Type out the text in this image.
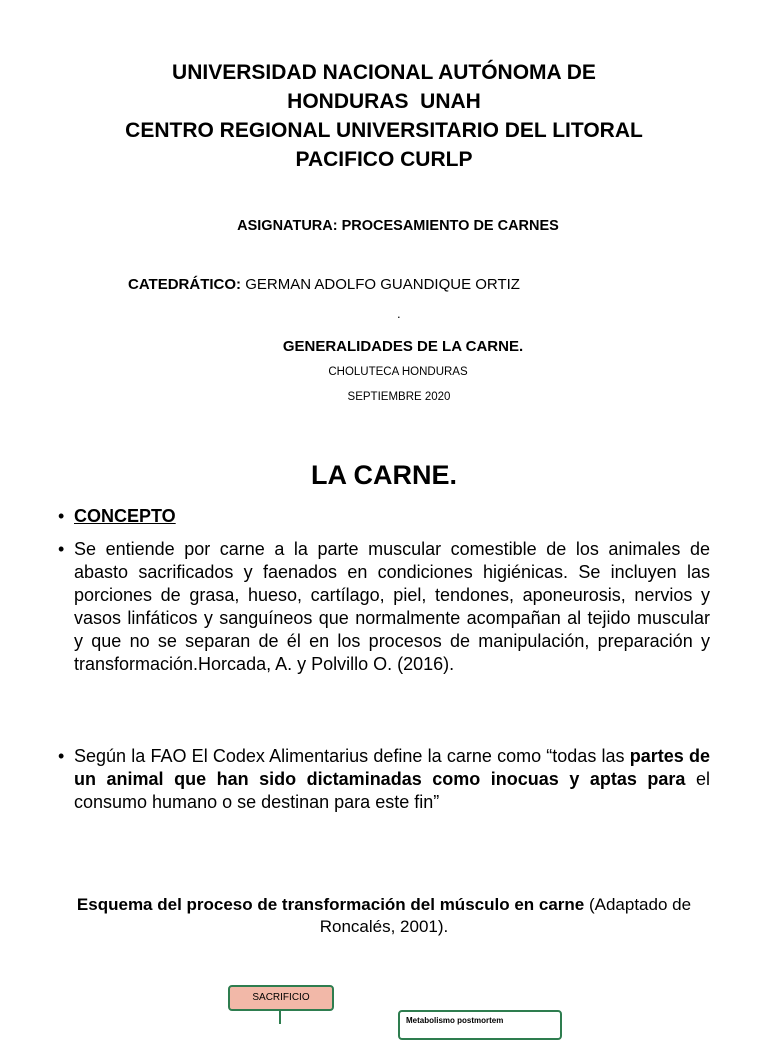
UNIVERSIDAD NACIONAL AUTÓNOMA DE
HONDURAS  UNAH
CENTRO REGIONAL UNIVERSITARIO DEL LITORAL
PACIFICO CURLP
ASIGNATURA: PROCESAMIENTO DE CARNES
CATEDRÁTICO: GERMAN ADOLFO GUANDIQUE ORTIZ
.
GENERALIDADES DE LA CARNE.
CHOLUTECA HONDURAS
SEPTIEMBRE 2020
LA CARNE.
• CONCEPTO
• Se entiende por carne a la parte muscular comestible de los animales de abasto sacrificados y faenados en condiciones higiénicas. Se incluyen las porciones de grasa, hueso, cartílago, piel, tendones, aponeurosis, nervios y vasos linfáticos y sanguíneos que normalmente acompañan al tejido muscular y que no se separan de él en los procesos de manipulación, preparación y transformación.Horcada, A. y Polvillo O. (2016).
• Según la FAO El Codex Alimentarius define la carne como “todas las partes de un animal que han sido dictaminadas como inocuas y aptas para el consumo humano o se destinan para este fin”
Esquema del proceso de transformación del músculo en carne (Adaptado de Roncalés, 2001).
SACRIFICIO
Metabolismo postmortem
